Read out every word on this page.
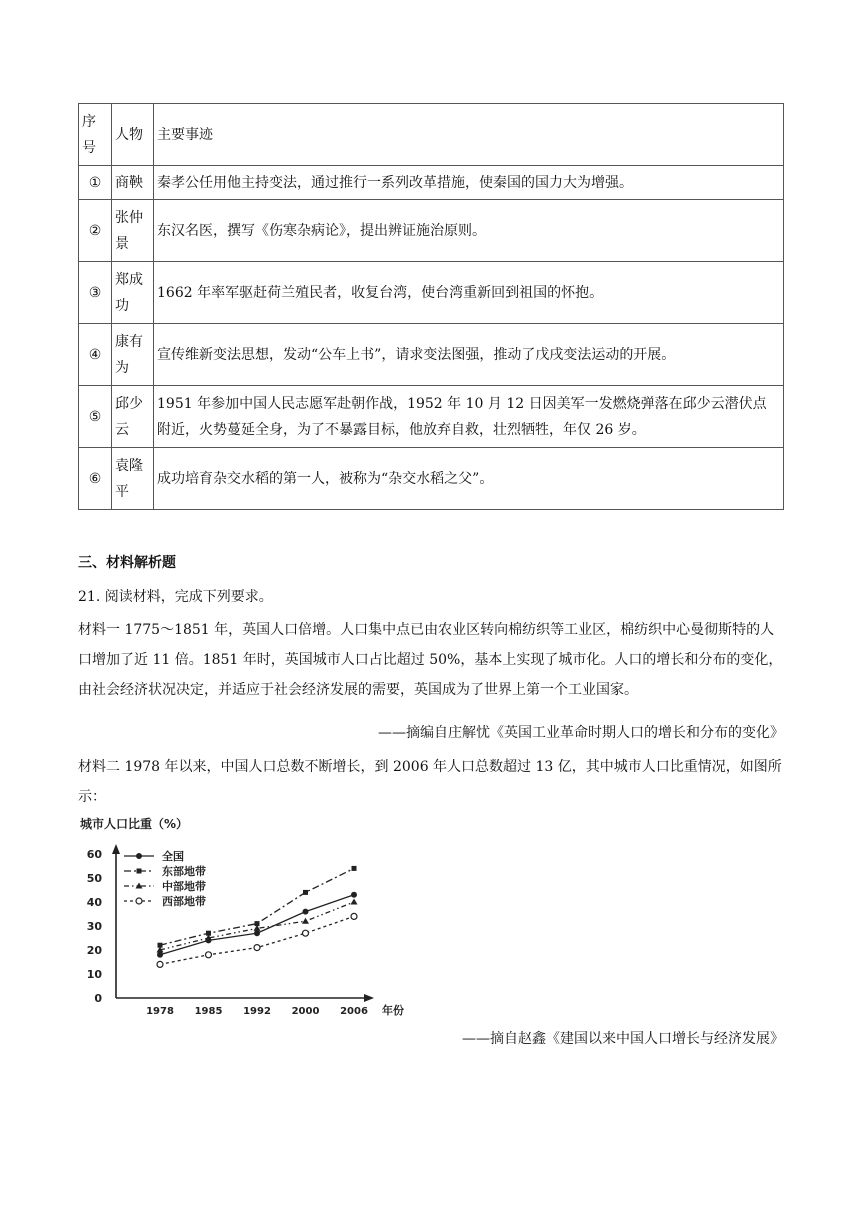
序号	人物	主要事迹
①	商鞅	秦孝公任用他主持变法，通过推行一系列改革措施，使秦国的国力大为增强。
②	张仲景	东汉名医，撰写《伤寒杂病论》，提出辨证施治原则。
③	郑成功	1662 年率军驱赶荷兰殖民者，收复台湾，使台湾重新回到祖国的怀抱。
④	康有为	宣传维新变法思想，发动“公车上书”，请求变法图强，推动了戊戌变法运动的开展。
⑤	邱少云	1951 年参加中国人民志愿军赴朝作战，1952 年 10 月 12 日因美军一发燃烧弹落在邱少云潜伏点附近，火势蔓延全身，为了不暴露目标，他放弃自救，壮烈牺牲，年仅 26 岁。
⑥	袁隆平	成功培育杂交水稻的第一人，被称为“杂交水稻之父”。
三、材料解析题
21. 阅读材料，完成下列要求。
材料一 1775～1851 年，英国人口倍增。人口集中点已由农业区转向棉纺织等工业区，棉纺织中心曼彻斯特的人口增加了近 11 倍。1851 年时，英国城市人口占比超过 50%，基本上实现了城市化。人口的增长和分布的变化，由社会经济状况决定，并适应于社会经济发展的需要，英国成为了世界上第一个工业国家。
——摘编自庄解忧《英国工业革命时期人口的增长和分布的变化》
材料二 1978 年以来，中国人口总数不断增长，到 2006 年人口总数超过 13 亿，其中城市人口比重情况，如图所示：
城市人口比重（%）
0
10
20
30
40
50
60
1978 1985 1992 2000 2006 年份
全国
东部地带
中部地带
西部地带
——摘自赵鑫《建国以来中国人口增长与经济发展》
